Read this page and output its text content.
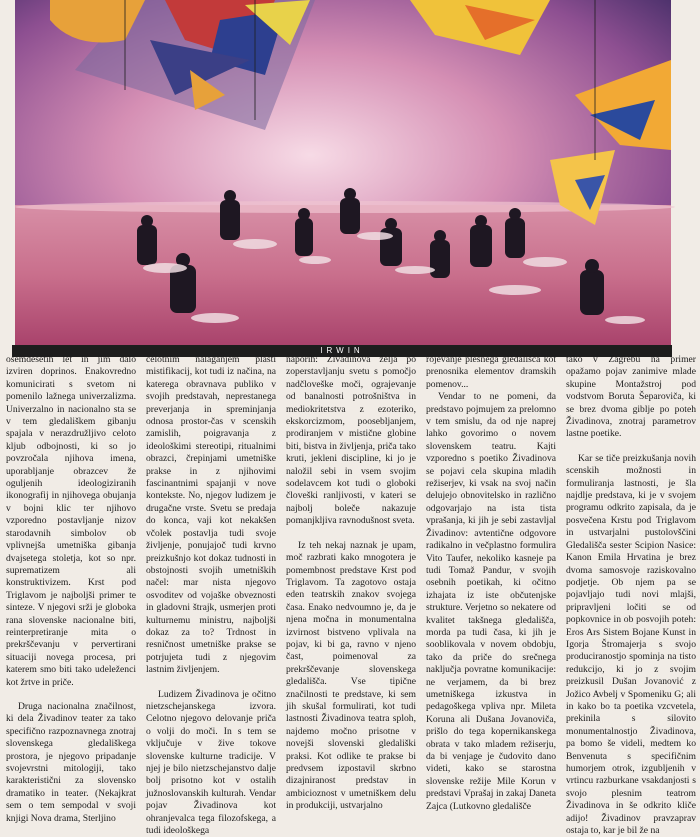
IRWIN

osemdesetih let in jim dalo izviren doprinos. Enakovredno komunicirati s svetom ni pomenilo lažnega univerzalizma. Univerzalno in nacionalno sta se v tem gledališkem gibanju spajala v nerazdružljivo celoto kljub odbojnosti, ki so jo povzročala njihova imena, uporabljanje obrazcev že oguljenih ideologiziranih ikonografij in njihovega obujanja v bojni klic ter njihovo vzporedno postavljanje nizov starodavnih simbolov ob vplivnejša umetniška gibanja dvajsetega stoletja, kot so npr. suprematizem ali konstruktivizem. Krst pod Triglavom je najboljši primer te sinteze. V njegovi srži je globoka rana slovenske nacionalne biti, reinterpretiranje mita o prekrščevanju v pervertirani situaciji novega procesa, pri katerem smo biti tako udeleženci kot žrtve in priče.

Druga nacionalna značilnost, ki dela Živadinov teater za tako specifično razpoznavnega znotraj slovenskega gledališkega prostora, je njegovo pripadanje svojevrstni mitologiji, tako karakteristični za slovensko dramatiko in teater. (Nekajkrat sem o tem sempodal v svoji knjigi Nova drama, Sterljino

celotnim nalaganjem plasti mistifikacij, kot tudi iz načina, na katerega obravnava publiko v svojih predstavah, neprestanega preverjanja in spreminjanja odnosa prostor-čas v scenskih zamislih, poigravanja z ideološkimi stereotipi, ritualnimi obrazci, črepinjami umetniške prakse in z njihovimi fascinantnimi spajanji v nove kontekste. No, njegov ludizem je drugačne vrste. Svetu se predaja do konca, vaji kot nekakšen včolek postavlja tudi svoje življenje, ponujajoč tudi krvno preizkušnjo kot dokaz tudnosti in obstojnosti svojih umetniških načel: mar nista njegovo osvoditev od vojaške obveznosti in gladovni štrajk, usmerjen proti kulturnemu ministru, najboljši dokaz za to? Trdnost in resničnost umetniške prakse se potrjujeta tudi z njegovim lastnim življenjem.

Ludizem Živadinova je očitno nietzschejanskega izvora. Celotno njegovo delovanje priča o volji do moči. In s tem se vključuje v žive tokove slovenske kulturne tradicije. V njej je bilo nietzschejanstvo dalje bolj prisotno kot v ostalih južnoslovanskih kulturah. Vendar pojav Živadinova kot ohranjevalca tega filozofskega, a tudi ideološkega

naporih: Živadinova želja po zoperstavljanju svetu s pomočjo nadčloveške moči, ograjevanje od banalnosti potrošništva in mediokritetstva z ezoteriko, ekskorcizmom, poosebljanjem, prodiranjem v mistične globine biti, bistva in življenja, priča tako kruti, jekleni discipline, ki jo je naložil sebi in vsem svojim sodelavcem kot tudi o globoki človeški ranljivosti, v kateri se najbolj boleče nakazuje pomanjkljiva ravnodušnost sveta.

Iz teh nekaj naznak je upam, moč razbrati kako mnogotera je pomembnost predstave Krst pod Triglavom. Ta zagotovo ostaja eden teatrskih znakov svojega časa. Enako nedvoumno je, da je njena močna in monumentalna izvirnost bistveno vplivala na pojav, ki bi ga, ravno v njeno čast, poimenoval za prekrščevanje slovenskega gledališča. Vse tipične značilnosti te predstave, ki sem jih skušal formulirati, kot tudi lastnosti Živadinova teatra sploh, najdemo močno prisotne v novejši slovenski gledališki praksi. Kot odlike te prakse bi predvsem izpostavil skrbno dizajniranost predstav in ambicioznost v umetniškem delu in produkciji, ustvarjalno

rojevanje plesnega gledališča kot prenosnika elementov dramskih pomenov...

Vendar to ne pomeni, da predstavo pojmujem za prelomno v tem smislu, da od nje naprej lahko govorimo o novem slovenskem teatru. Kajti vzporedno s poetiko Živadinova se pojavi cela skupina mladih režiserjev, ki vsak na svoj način delujejo obnovitelsko in različno odgovarjajo na ista tista vprašanja, ki jih je sebi zastavljal Živadinov: avtentične odgovore radikalno in večplastno formulira Vito Taufer, nekoliko kasneje pa tudi Tomaž Pandur, v svojih osebnih poetikah, ki očitno izhajata iz iste občutenjske strukture. Verjetno so nekatere od kvalitet takšnega gledališča, morda pa tudi časa, ki jih je sooblikovala v novem obdobju, tako da priče do srečnega naključja povratne komunikacije: ne verjamem, da bi brez umetniškega izkustva in pedagoškega vpliva npr. Mileta Koruna ali Dušana Jovanoviča, prišlo do tega kopernikanskega obrata v tako mladem režiserju, da bi venjage je čudovito dano videti, kako se starostna slovenske režije Mile Korun v predstavi Vprašaj in zakaj Daneta Zajca (Lutkovno gledališče

tako v Zagrebu na primer opažamo pojav zanimive mlade skupine Montažstroj pod vodstvom Boruta Šeparoviča, ki se brez dvoma giblje po poteh Živadinova, znotraj parametrov lastne poetike.

Kar se tiče preizkušanja novih scenskih možnosti in formuliranja lastnosti, je šla najdlje predstava, ki je v svojem programu odkrito zapisala, da je posvečena Krstu pod Triglavom in ustvarjalni pustolovščini Gledališča sester Scipion Nasice: Kanon Emila Hrvatina je brez dvoma samosvoje raziskovalno podjetje. Ob njem pa se pojavljajo tudi novi mlajši, pripravljeni ločiti se od popkovnice in ob posvojih poteh: Eros Ars Sistem Bojane Kunst in Igorja Štromajerja s svojo produciranostjo spominja na tisto redukcijo, ki jo z svojim preizkusil Dušan Jovanović z Jožico Avbelj v Spomeniku G; ali in kako bo ta poetika vzcvetela, prekinila s silovito monumentalnostjo Živadinova, pa bomo še videli, medtem ko Benvenuta s specifičnim humorjem otrok, izgubljenih v vrtincu razburkane vsakdanjosti s svojo plesnim teatrom Živadinova in še odkrito kliče adijo! Živadinov pravzaprav ostaja to, kar je bil že na
